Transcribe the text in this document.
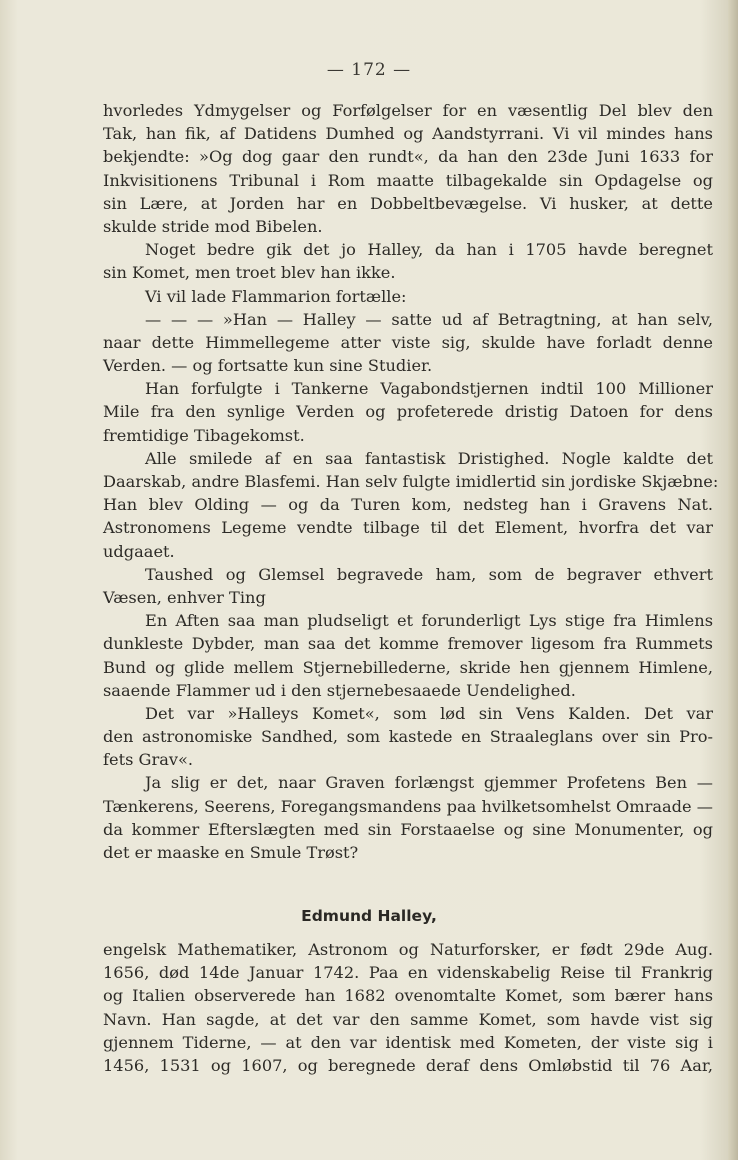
— 172 —
hvorledes Ydmygelser og Forfølgelser for en væsentlig Del blev den
Tak, han fik, af Datidens Dumhed og Aandstyrrani. Vi vil mindes hans
bekjendte: »Og dog gaar den rundt«, da han den 23de Juni 1633 for
Inkvisitionens Tribunal i Rom maatte tilbagekalde sin Opdagelse og
sin Lære, at Jorden har en Dobbeltbevægelse. Vi husker, at dette
skulde stride mod Bibelen.
Noget bedre gik det jo Halley, da han i 1705 havde beregnet
sin Komet, men troet blev han ikke.
Vi vil lade Flammarion fortælle:
— — — »Han — Halley — satte ud af Betragtning, at han selv,
naar dette Himmellegeme atter viste sig, skulde have forladt denne
Verden. — og fortsatte kun sine Studier.
Han forfulgte i Tankerne Vagabondstjernen indtil 100 Millioner
Mile fra den synlige Verden og profeterede dristig Datoen for dens
fremtidige Tibagekomst.
Alle smilede af en saa fantastisk Dristighed. Nogle kaldte det
Daarskab, andre Blasfemi. Han selv fulgte imidlertid sin jordiske Skjæbne:
Han blev Olding — og da Turen kom, nedsteg han i Gravens Nat.
Astronomens Legeme vendte tilbage til det Element, hvorfra det var
udgaaet.
Taushed og Glemsel begravede ham, som de begraver ethvert
Væsen, enhver Ting
En Aften saa man pludseligt et forunderligt Lys stige fra Himlens
dunkleste Dybder, man saa det komme fremover ligesom fra Rummets
Bund og glide mellem Stjernebillederne, skride hen gjennem Himlene,
saaende Flammer ud i den stjernebesaaede Uendelighed.
Det var »Halleys Komet«, som lød sin Vens Kalden. Det var
den astronomiske Sandhed, som kastede en Straaleglans over sin Pro-
fets Grav«.
Ja slig er det, naar Graven forlængst gjemmer Profetens Ben —
Tænkerens, Seerens, Foregangsmandens paa hvilketsomhelst Omraade —
da kommer Efterslægten med sin Forstaaelse og sine Monumenter, og
det er maaske en Smule Trøst?
Edmund Halley,
engelsk Mathematiker, Astronom og Naturforsker, er født 29de Aug.
1656, død 14de Januar 1742. Paa en videnskabelig Reise til Frankrig
og Italien observerede han 1682 ovenomtalte Komet, som bærer hans
Navn. Han sagde, at det var den samme Komet, som havde vist sig
gjennem Tiderne, — at den var identisk med Kometen, der viste sig i
1456, 1531 og 1607, og beregnede deraf dens Omløbstid til 76 Aar,
